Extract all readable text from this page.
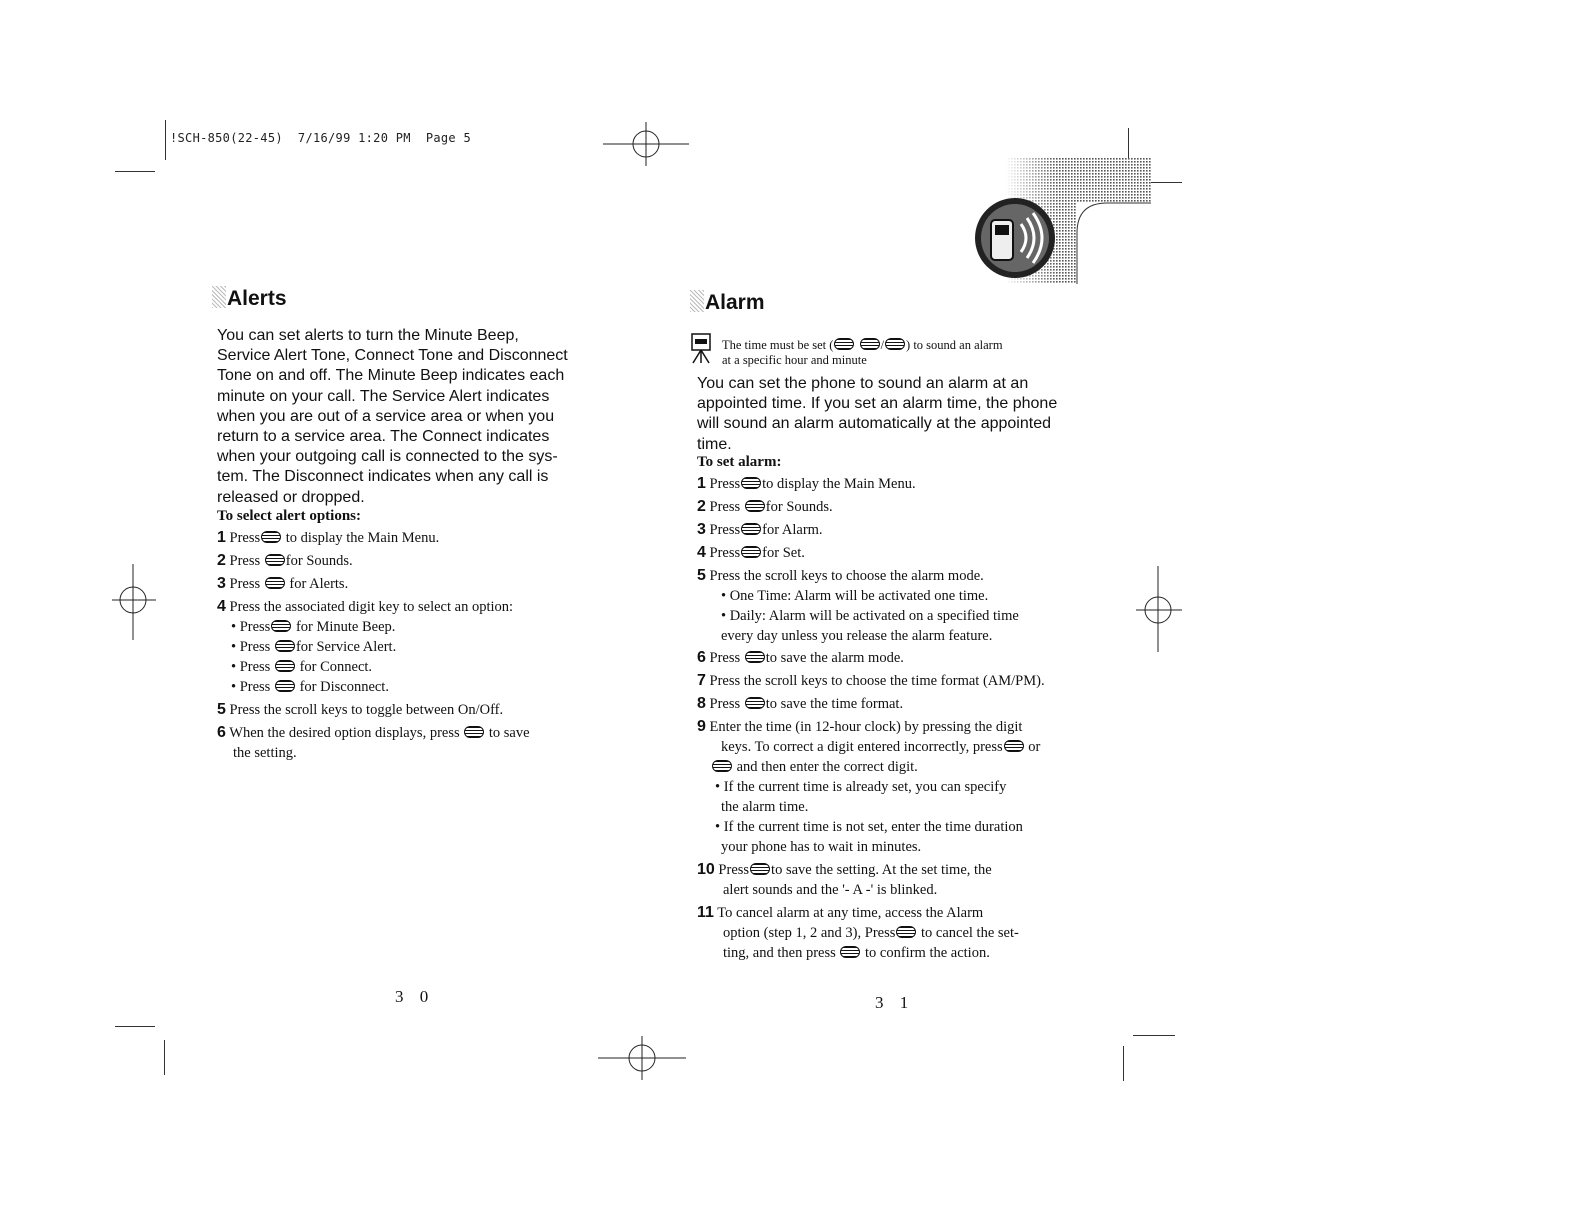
!SCH-850(22-45)  7/16/99 1:20 PM  Page 5
Alerts
You can set alerts to turn the Minute Beep,
Service Alert Tone, Connect Tone and Disconnect
Tone on and off. The Minute Beep indicates each
minute on your call. The Service Alert indicates
when you are out of a service area or when you
return to a service area. The Connect indicates
when your outgoing call is connected to the sys-
tem. The Disconnect indicates when any call is
released or dropped.
To select alert options:
1 Press to display the Main Menu.
2 Press for Sounds.
3 Press for Alerts.
4 Press the associated digit key to select an option:
• Press for Minute Beep.
• Press for Service Alert.
• Press for Connect.
• Press for Disconnect.
5 Press the scroll keys to toggle between On/Off.
6 When the desired option displays, press to save
the setting.
3 0
Alarm
The time must be set (	/ ) to sound an alarm
at a specific hour and minute
You can set the phone to sound an alarm at an
appointed time. If you set an alarm time, the phone
will sound an alarm automatically at the appointed
time.
To set alarm:
1 Press to display the Main Menu.
2 Press for Sounds.
3 Press for Alarm.
4 Press for Set.
5 Press the scroll keys to choose the alarm mode.
• One Time: Alarm will be activated one time.
• Daily: Alarm will be activated on a specified time
every day unless you release the alarm feature.
6 Press to save the alarm mode.
7 Press the scroll keys to choose the time format (AM/PM).
8 Press to save the time format.
9 Enter the time (in 12-hour clock) by pressing the digit
keys. To correct a digit entered incorrectly, press or
and then enter the correct digit.
• If the current time is already set, you can specify
the alarm time.
• If the current time is not set, enter the time duration
your phone has to wait in minutes.
10 Press to save the setting. At the set time, the
alert sounds and the '- A -' is blinked.
11 To cancel alarm at any time, access the Alarm
option (step 1, 2 and 3), Press to cancel the set-
ting, and then press to confirm the action.
3 1
